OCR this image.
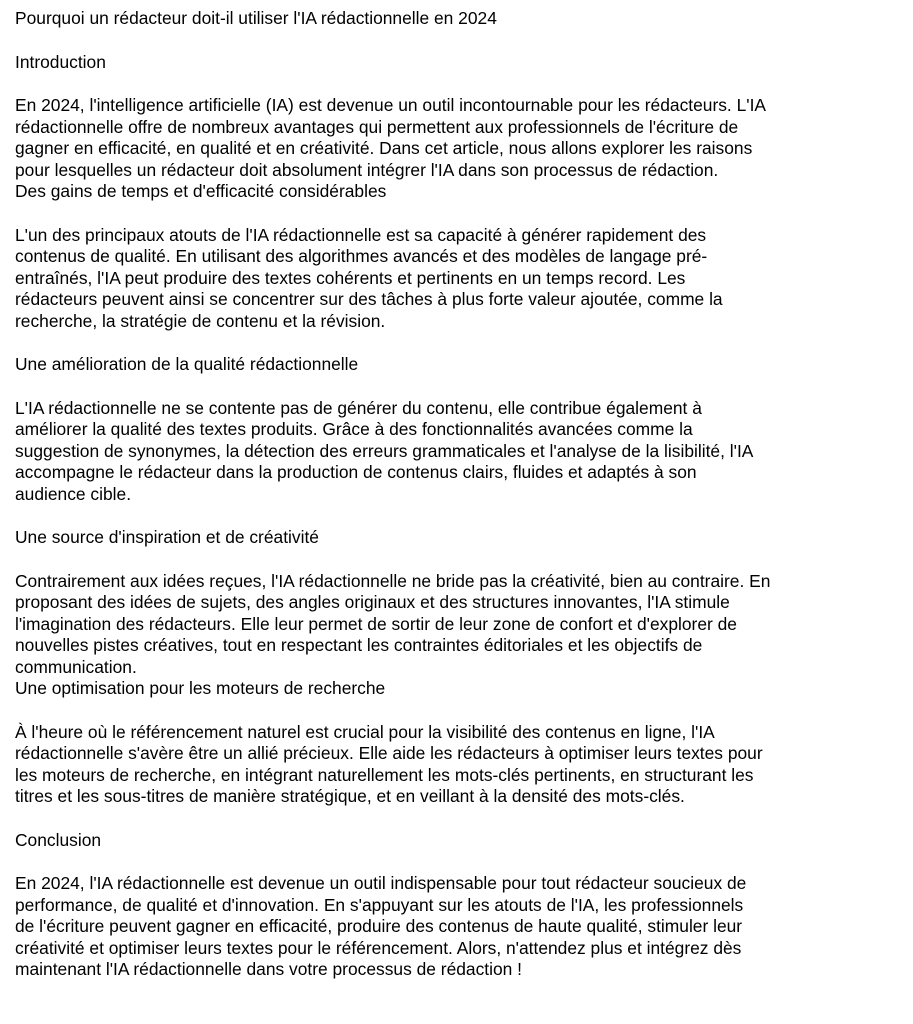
Pourquoi un rédacteur doit-il utiliser l'IA rédactionnelle en 2024

Introduction

En 2024, l'intelligence artificielle (IA) est devenue un outil incontournable pour les rédacteurs. L'IA

rédactionnelle offre de nombreux avantages qui permettent aux professionnels de l'écriture de

gagner en efficacité, en qualité et en créativité. Dans cet article, nous allons explorer les raisons

pour lesquelles un rédacteur doit absolument intégrer l'IA dans son processus de rédaction.

Des gains de temps et d'efficacité considérables

L'un des principaux atouts de l'IA rédactionnelle est sa capacité à générer rapidement des

contenus de qualité. En utilisant des algorithmes avancés et des modèles de langage pré-

entraînés, l'IA peut produire des textes cohérents et pertinents en un temps record. Les

rédacteurs peuvent ainsi se concentrer sur des tâches à plus forte valeur ajoutée, comme la

recherche, la stratégie de contenu et la révision.

Une amélioration de la qualité rédactionnelle

L'IA rédactionnelle ne se contente pas de générer du contenu, elle contribue également à

améliorer la qualité des textes produits. Grâce à des fonctionnalités avancées comme la

suggestion de synonymes, la détection des erreurs grammaticales et l'analyse de la lisibilité, l'IA

accompagne le rédacteur dans la production de contenus clairs, fluides et adaptés à son

audience cible.

Une source d'inspiration et de créativité

Contrairement aux idées reçues, l'IA rédactionnelle ne bride pas la créativité, bien au contraire. En

proposant des idées de sujets, des angles originaux et des structures innovantes, l'IA stimule

l'imagination des rédacteurs. Elle leur permet de sortir de leur zone de confort et d'explorer de

nouvelles pistes créatives, tout en respectant les contraintes éditoriales et les objectifs de

communication.

Une optimisation pour les moteurs de recherche

À l'heure où le référencement naturel est crucial pour la visibilité des contenus en ligne, l'IA

rédactionnelle s'avère être un allié précieux. Elle aide les rédacteurs à optimiser leurs textes pour

les moteurs de recherche, en intégrant naturellement les mots-clés pertinents, en structurant les

titres et les sous-titres de manière stratégique, et en veillant à la densité des mots-clés.

Conclusion

En 2024, l'IA rédactionnelle est devenue un outil indispensable pour tout rédacteur soucieux de

performance, de qualité et d'innovation. En s'appuyant sur les atouts de l'IA, les professionnels

de l'écriture peuvent gagner en efficacité, produire des contenus de haute qualité, stimuler leur

créativité et optimiser leurs textes pour le référencement. Alors, n'attendez plus et intégrez dès

maintenant l'IA rédactionnelle dans votre processus de rédaction !
